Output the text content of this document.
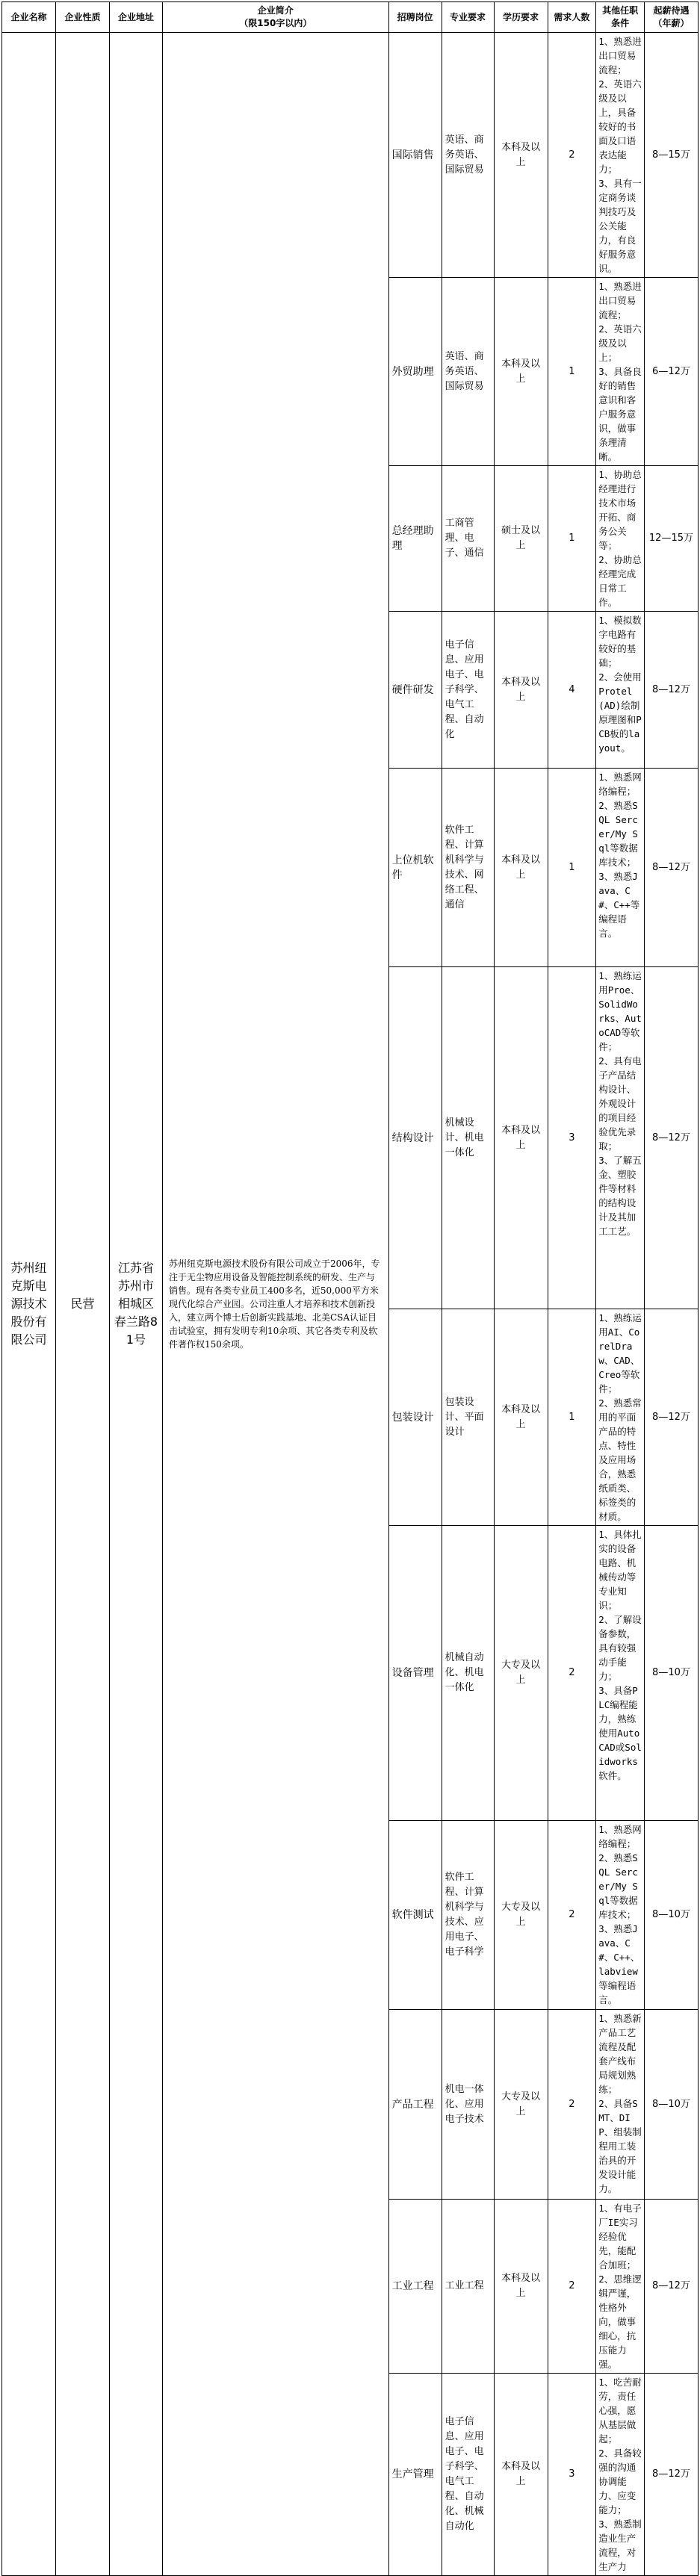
企业名称	企业性质	企业地址	企业简介
（限150字以内）	招聘岗位	专业要求	学历要求	需求人数	其他任职条件	起薪待遇（年薪）
苏州纽克斯电源技术股份有限公司	民营	江苏省苏州市相城区春兰路81号	苏州纽克斯电源技术股份有限公司成立于2006年，专注于无尘物应用设备及智能控制系统的研发、生产与销售。现有各类专业员工400多名，近50,000平方米现代化综合产业园。公司注重人才培养和技术创新投入，建立两个博士后创新实践基地、北美CSA认证目击试验室，拥有发明专利10余项、其它各类专利及软件著作权150余项。	国际销售	英语、商务英语、国际贸易	本科及以上	2	1、熟悉进出口贸易流程；
2、英语六级及以上，具备较好的书面及口语表达能力；
3、具有一定商务谈判技巧及公关能力，有良好服务意识。	8—15万
				外贸助理	英语、商务英语、国际贸易	本科及以上	1	1、熟悉进出口贸易流程；
2、英语六级及以上；
3、具备良好的销售意识和客户服务意识，做事条理清晰。	6—12万
				总经理助理	工商管理、电子、通信	硕士及以上	1	1、协助总经理进行技术市场开拓、商务公关等；
2、协助总经理完成日常工作。	12—15万
				硬件研发	电子信息、应用电子、电子科学、电气工程、自动化	本科及以上	4	1、模拟数字电路有较好的基础；
2、会使用Protel(AD)绘制原理图和PCB板的layout。	8—12万
				上位机软件	软件工程、计算机科学与技术、网络工程、通信	本科及以上	1	1、熟悉网络编程；
2、熟悉SQL Sercer/My Sql等数据库技术；
3、熟悉Java、C#、C++等编程语言。	8—12万
				结构设计	机械设计、机电一体化	本科及以上	3	1、熟练运用Proe、SolidWorks、AutoCAD等软件；
2、具有电子产品结构设计、外观设计的项目经验优先录取；
3、了解五金、塑胶件等材料的结构设计及其加工工艺。	8—12万
				包装设计	包装设计、平面设计	本科及以上	1	1、熟练运用AI、CorelDraw、CAD、Creo等软件；
2、熟悉常用的平面产品的特点、特性及应用场合，熟悉纸质类、标签类的材质。	8—12万
				设备管理	机械自动化、机电一体化	大专及以上	2	1、具体扎实的设备电路、机械传动等专业知识；
2、了解设备参数，具有较强动手能力；
3、具备PLC编程能力，熟练使用AutoCAD或Solidworks软件。	8—10万
				软件测试	软件工程、计算机科学与技术、应用电子、电子科学	大专及以上	2	1、熟悉网络编程；
2、熟悉SQL Sercer/My Sql等数据库技术；
3、熟悉Java、C#、C++、labview等编程语言。	8—10万
				产品工程	机电一体化、应用电子技术	大专及以上	2	1、熟悉新产品工艺流程及配套产线布局规划熟练；
2、具备SMT、DIP、组装制程用工装治具的开发设计能力。	8—10万
				工业工程	工业工程	本科及以上	2	1、有电子厂IE实习经验优先，能配合加班；
2、思维逻辑严谨，性格外向，做事细心，抗压能力强。	8—12万
				生产管理	电子信息、应用电子、电子科学、电气工程、自动化、机械自动化	本科及以上	3	1、吃苦耐劳，责任心强，愿从基层做起；
2、具备较强的沟通协调能力、应变能力；
3、熟悉制造业生产流程，对生产力	8—12万
